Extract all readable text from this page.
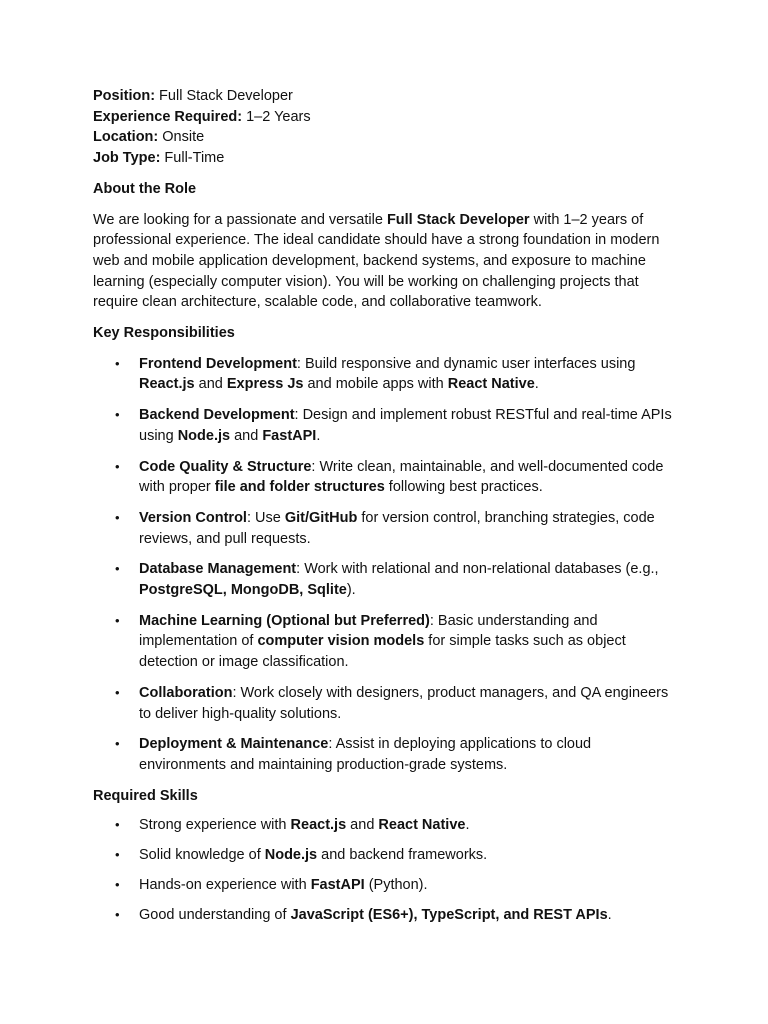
Position: Full Stack Developer

Experience Required: 1–2 Years

Location: Onsite

Job Type: Full-Time

About the Role

We are looking for a passionate and versatile Full Stack Developer with 1–2 years of professional experience. The ideal candidate should have a strong foundation in modern web and mobile application development, backend systems, and exposure to machine learning (especially computer vision). You will be working on challenging projects that require clean architecture, scalable code, and collaborative teamwork.

Key Responsibilities

• Frontend Development: Build responsive and dynamic user interfaces using React.js and Express Js and mobile apps with React Native.
• Backend Development: Design and implement robust RESTful and real-time APIs using Node.js and FastAPI.
• Code Quality & Structure: Write clean, maintainable, and well-documented code with proper file and folder structures following best practices.
• Version Control: Use Git/GitHub for version control, branching strategies, code reviews, and pull requests.
• Database Management: Work with relational and non-relational databases (e.g., PostgreSQL, MongoDB, Sqlite).
• Machine Learning (Optional but Preferred): Basic understanding and implementation of computer vision models for simple tasks such as object detection or image classification.
• Collaboration: Work closely with designers, product managers, and QA engineers to deliver high-quality solutions.
• Deployment & Maintenance: Assist in deploying applications to cloud environments and maintaining production-grade systems.

Required Skills

• Strong experience with React.js and React Native.
• Solid knowledge of Node.js and backend frameworks.
• Hands-on experience with FastAPI (Python).
• Good understanding of JavaScript (ES6+), TypeScript, and REST APIs.
